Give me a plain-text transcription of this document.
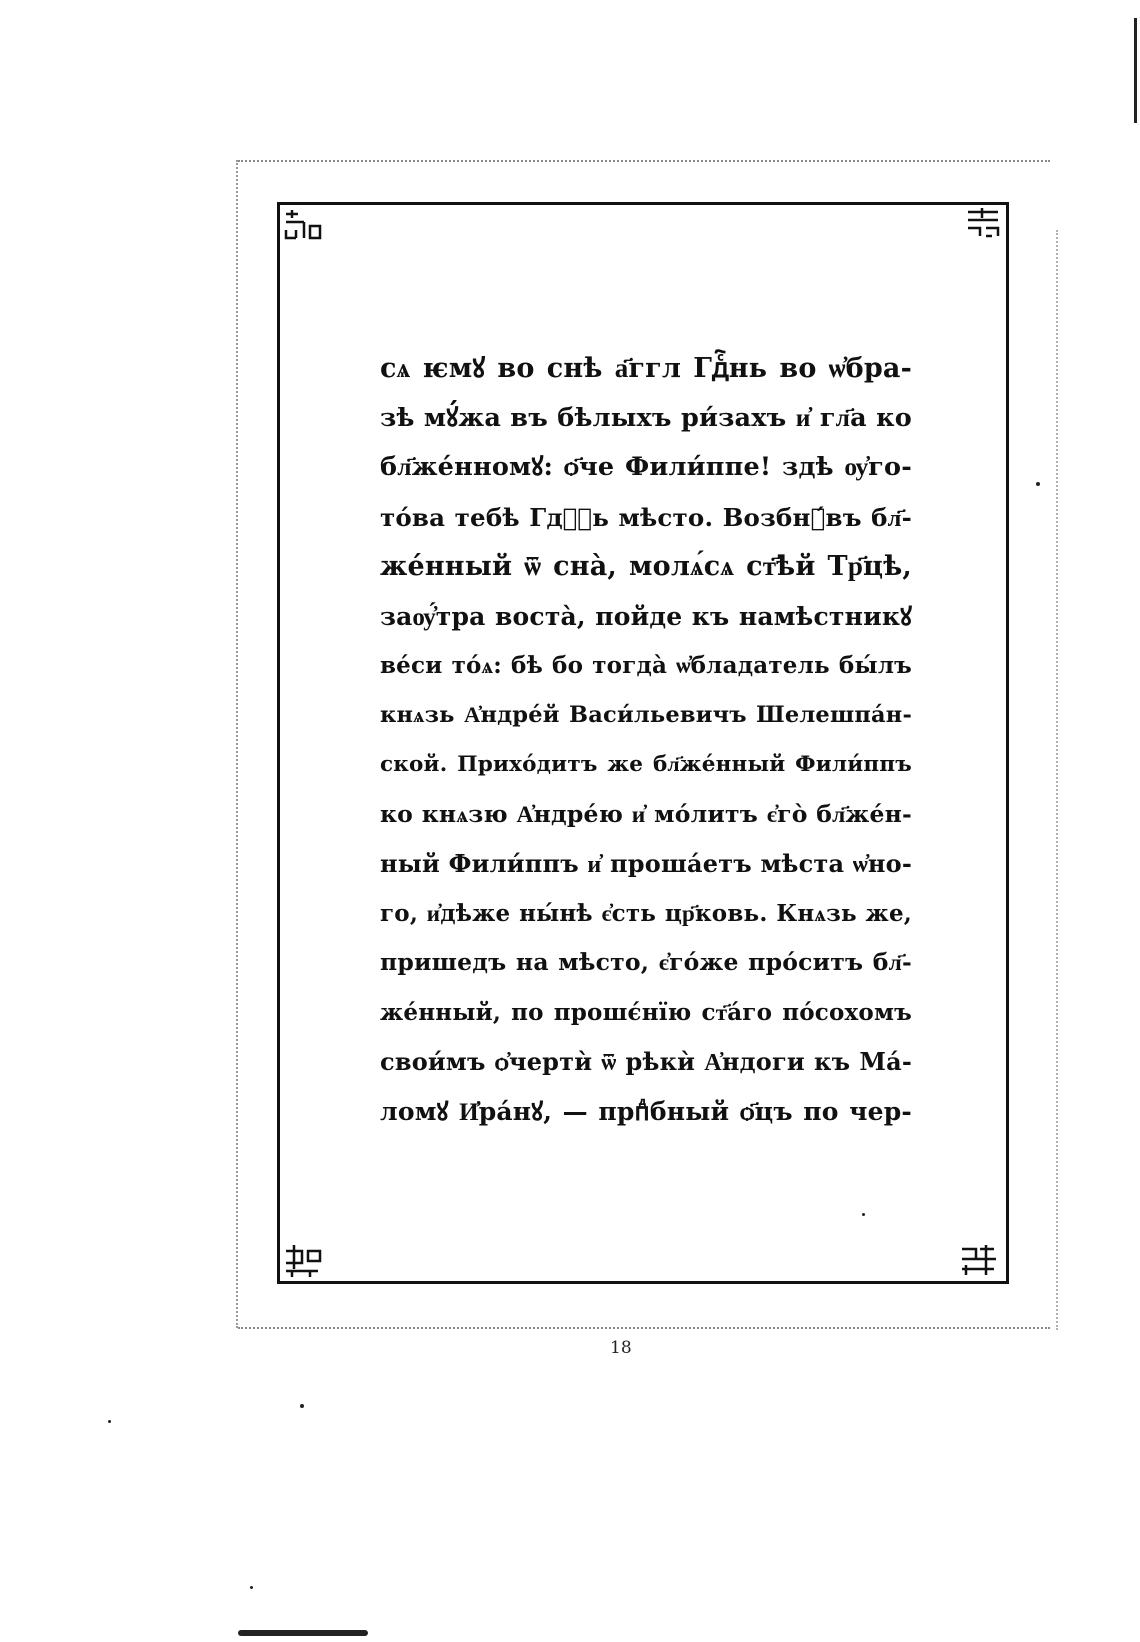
сѧ ѥмꙋ во снѣ а҃ггл Гдⷭ҇нь во ѡ҆бра-
зѣ мꙋ́жа въ бѣлыхъ ри́захъ и҆ гл҃а ко
бл҃же́нномꙋ: ѻ҃че Фили́ппе! здѣ ѹ҆го-
то́ва тебѣ Гдⷭ҇ь мѣсто. Возбнꙋ́въ бл҃-
же́нный ѿ сна̀, молѧ́сѧ ст҃ѣй Тр҃цѣ,
заѹ҆́тра воста̀, пойде къ намѣстникꙋ
ве́си то́ѧ: бѣ бо тогда̀ ѡ҆бладатель бы́лъ
кнѧзь А҆ндре́й Васи́льевичъ Шелешпа́н-
ской. Прихо́дитъ же бл҃же́нный Фили́ппъ
ко кнѧзю А҆ндре́ю и҆ мо́литъ є҆го̀ бл҃же́н-
ный Фили́ппъ и҆ проша́етъ мѣста ѡ҆но-
го, и҆дѣже ны́нѣ є҆сть цр҃ковь. Кнѧзь же,
пришедъ на мѣсто, є҆го́же про́ситъ бл҃-
же́нный, по прошє́нїю ст҃а́го по́сохомъ
свои́мъ ѻ҆чертѝ ѿ рѣкѝ А҆ндоги къ Ма́-
ломꙋ И҆ра́нꙋ, — прпⷣбный ѻ҃цъ по чер-
18
